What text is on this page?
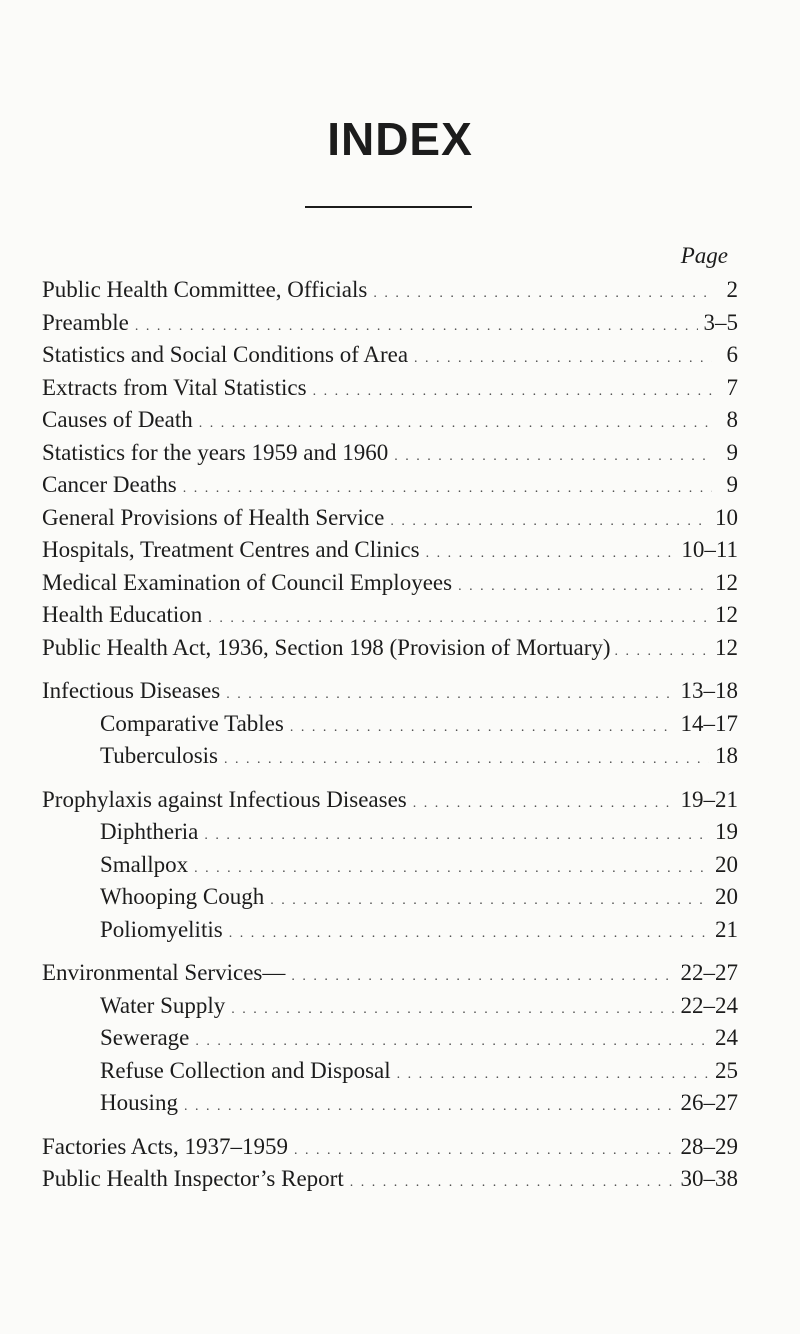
INDEX
Page
Public Health Committee, Officials . . .	2
Preamble . . .	3–5
Statistics and Social Conditions of Area . . .	6
Extracts from Vital Statistics . . .	7
Causes of Death . . .	8
Statistics for the years 1959 and 1960 . . .	9
Cancer Deaths . . .	9
General Provisions of Health Service . . .	10
Hospitals, Treatment Centres and Clinics . . .	10–11
Medical Examination of Council Employees . . .	12
Health Education . . .	12
Public Health Act, 1936, Section 198 (Provision of Mortuary) . . .	12
Infectious Diseases . . .	13–18
Comparative Tables . . .	14–17
Tuberculosis . . .	18
Prophylaxis against Infectious Diseases . . .	19–21
Diphtheria . . .	19
Smallpox . . .	20
Whooping Cough . . .	20
Poliomyelitis . . .	21
Environmental Services— . . .	22–27
Water Supply . . .	22–24
Sewerage . . .	24
Refuse Collection and Disposal . . .	25
Housing . . .	26–27
Factories Acts, 1937–1959 . . .	28–29
Public Health Inspector’s Report . . .	30–38
